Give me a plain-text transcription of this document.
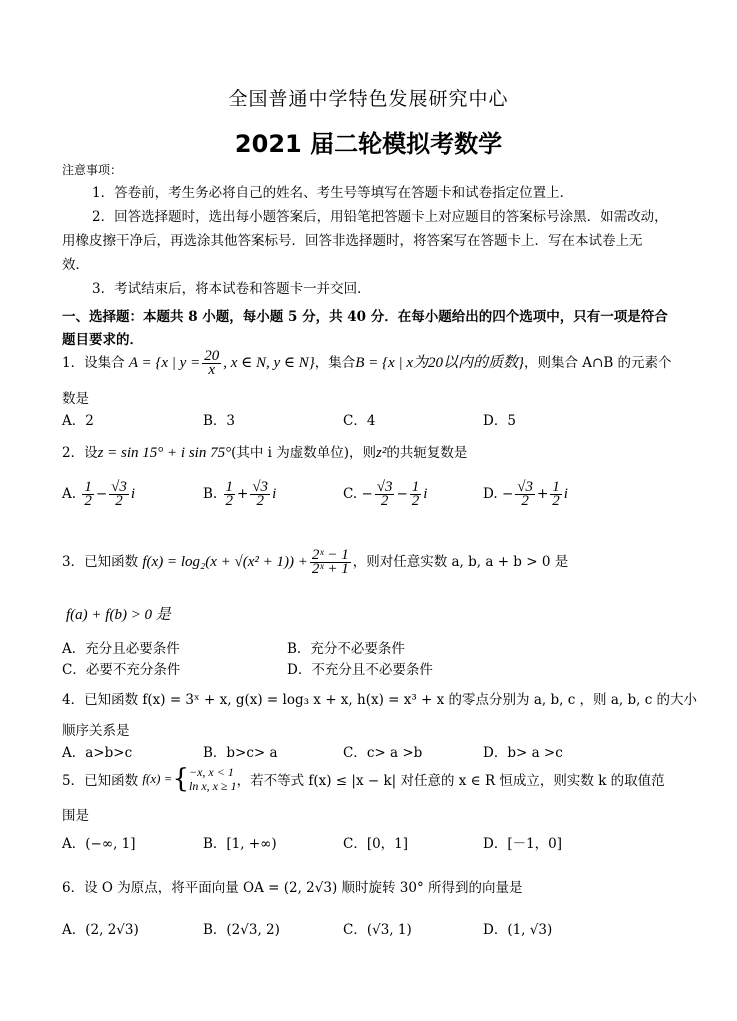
全国普通中学特色发展研究中心
2021 届二轮模拟考数学
注意事项：
1．答卷前，考生务必将自己的姓名、考生号等填写在答题卡和试卷指定位置上．
2．回答选择题时，选出每小题答案后，用铅笔把答题卡上对应题目的答案标号涂黑．如需改动，
用橡皮擦干净后，再选涂其他答案标号．回答非选择题时，将答案写在答题卡上．写在本试卷上无
效．
3．考试结束后，将本试卷和答题卡一并交回．
一、选择题：本题共 8 小题，每小题 5 分，共 40 分．在每小题给出的四个选项中，只有一项是符合
题目要求的．
1．设集合 A = {x | $y = \frac{20}{x}$ , x ∈ N, y ∈ N}，集合B = {x | x为20以内的质数}，则集合 A∩B 的元素个
数是
A．2	B．3	C．4	D．5
2．设z = sin 15° + i sin 75°(其中 i 为虚数单位)，则z²的共轭复数是
A. $\frac{1}{2} - \frac{√3}{2}$ i	B. $\frac{1}{2} + \frac{√3}{2}$ i	C. − $\frac{√3}{2} - \frac{1}{2}$ i	D. − $\frac{√3}{2} + \frac{1}{2}$ i
3．已知函数 $f(x) = \log_2(x + √(x^2 + 1)) + \frac{\text{2ˣ − 1}}{\text{2ˣ + 1}}$ ，则对任意实数 a, b, a + b > 0 是
f(a) + f(b) > 0 是
A．充分且必要条件	B．充分不必要条件
C．必要不充分条件	D．不充分且不必要条件
4．已知函数 f(x) = 3ˣ + x, g(x) = log₃ x + x, h(x) = x³ + x 的零点分别为 a, b, c ，则 a, b, c 的大小
顺序关系是
A．a>b>c	B．b>c> a	C．c> a >b	D．b> a >c
5．已知函数 f(x) ={ −x, x < 1
ln x, x ≥ 1 ，若不等式 f(x) ≤ |x − k| 对任意的 x ∈ R 恒成立，则实数 k 的取值范
围是
A．(−∞, 1]	B．[1, +∞)	C．[0，1]	D．[－1，0]
6．设 O 为原点，将平面向量 OA = (2, 2√3) 顺时旋转 30° 所得到的向量是
A．(2, 2√3)	B．(2√3, 2)	C．(√3, 1)	D．(1, √3)
